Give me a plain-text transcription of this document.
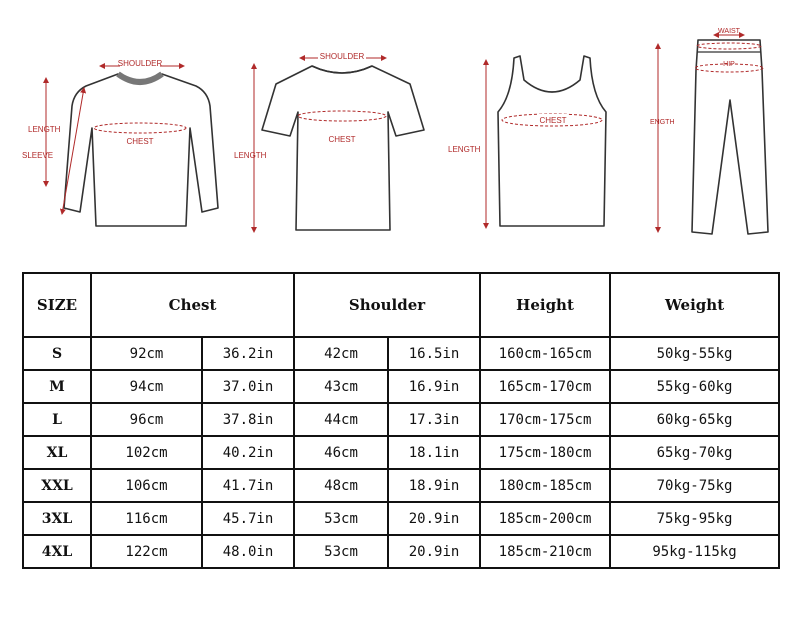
SHOULDER
CHEST
LENGTH
SLEEVE
SHOULDER
CHEST
LENGTH
CHEST
LENGTH
WAIST
HIP
ENGTH
SIZE	Chest		Shoulder		Height	Weight
S	92cm	36.2in	42cm	16.5in	160cm-165cm	50kg-55kg
M	94cm	37.0in	43cm	16.9in	165cm-170cm	55kg-60kg
L	96cm	37.8in	44cm	17.3in	170cm-175cm	60kg-65kg
XL	102cm	40.2in	46cm	18.1in	175cm-180cm	65kg-70kg
XXL	106cm	41.7in	48cm	18.9in	180cm-185cm	70kg-75kg
3XL	116cm	45.7in	53cm	20.9in	185cm-200cm	75kg-95kg
4XL	122cm	48.0in	53cm	20.9in	185cm-210cm	95kg-115kg
